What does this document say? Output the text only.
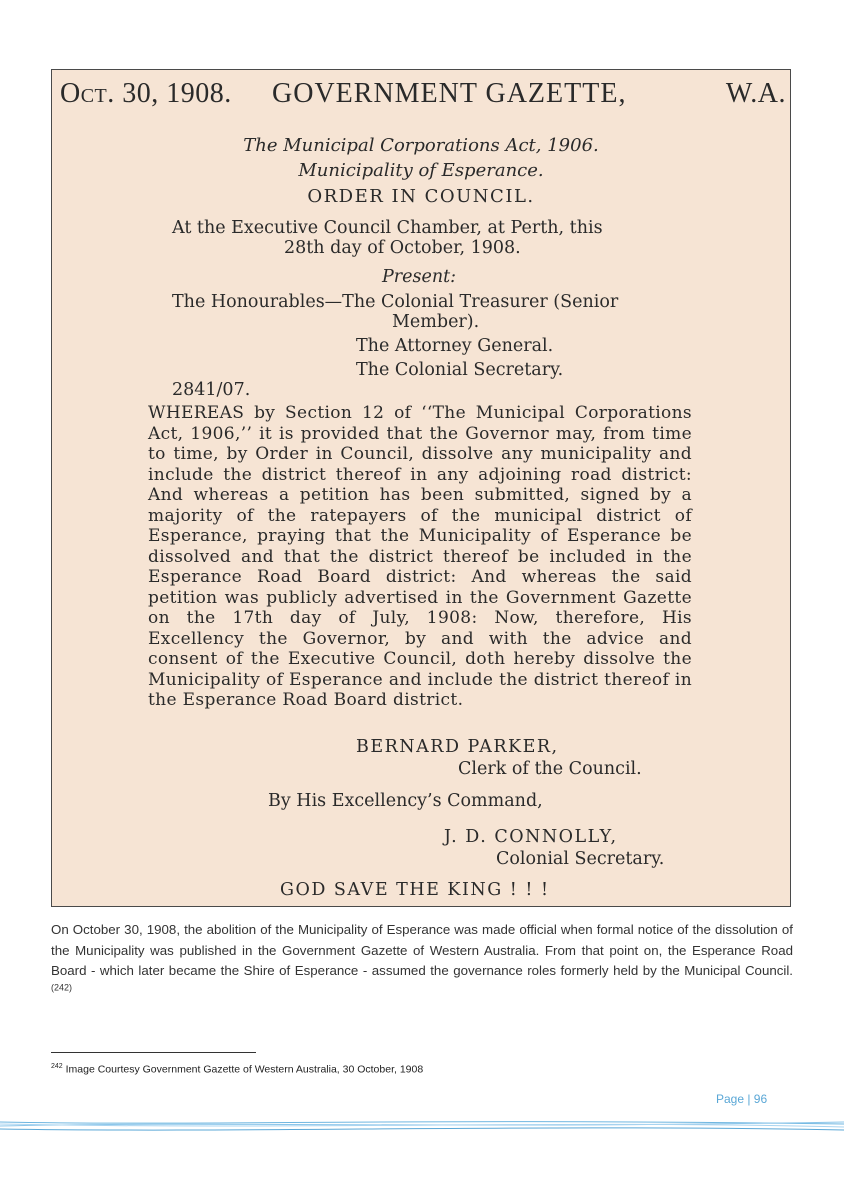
Oct. 30, 1908. GOVERNMENT GAZETTE,	W.A.
The Municipal Corporations Act, 1906.
Municipality of Esperance.
ORDER IN COUNCIL.
At the Executive Council Chamber, at Perth, this
28th day of October, 1908.
Present:
The Honourables—The Colonial Treasurer (Senior
Member).
The Attorney General.
The Colonial Secretary.
2841/07.
WHEREAS by Section 12 of ‘‘The Municipal Corporations Act, 1906,’’ it is provided that the Governor may, from time to time, by Order in Council, dissolve any municipality and include the district thereof in any adjoining road district: And whereas a petition has been submitted, signed by a majority of the ratepayers of the municipal district of Esperance, praying that the Municipality of Esperance be dissolved and that the district thereof be included in the Esperance Road Board district: And whereas the said petition was publicly advertised in the Government Gazette on the 17th day of July, 1908: Now, therefore, His Excellency the Governor, by and with the advice and consent of the Executive Council, doth hereby dissolve the Municipality of Esperance and include the district thereof in the Esperance Road Board district.
BERNARD PARKER,
Clerk of the Council.
By His Excellency’s Command,
J. D. CONNOLLY,
Colonial Secretary.
GOD SAVE THE KING ! ! !
On October 30, 1908, the abolition of the Municipality of Esperance was made official when formal notice of the dissolution of the Municipality was published in the Government Gazette of Western Australia. From that point on, the Esperance Road Board - which later became the Shire of Esperance - assumed the governance roles formerly held by the Municipal Council.$^{(242)}$
$^{242}$ Image Courtesy Government Gazette of Western Australia, 30 October, 1908
Page | 96
